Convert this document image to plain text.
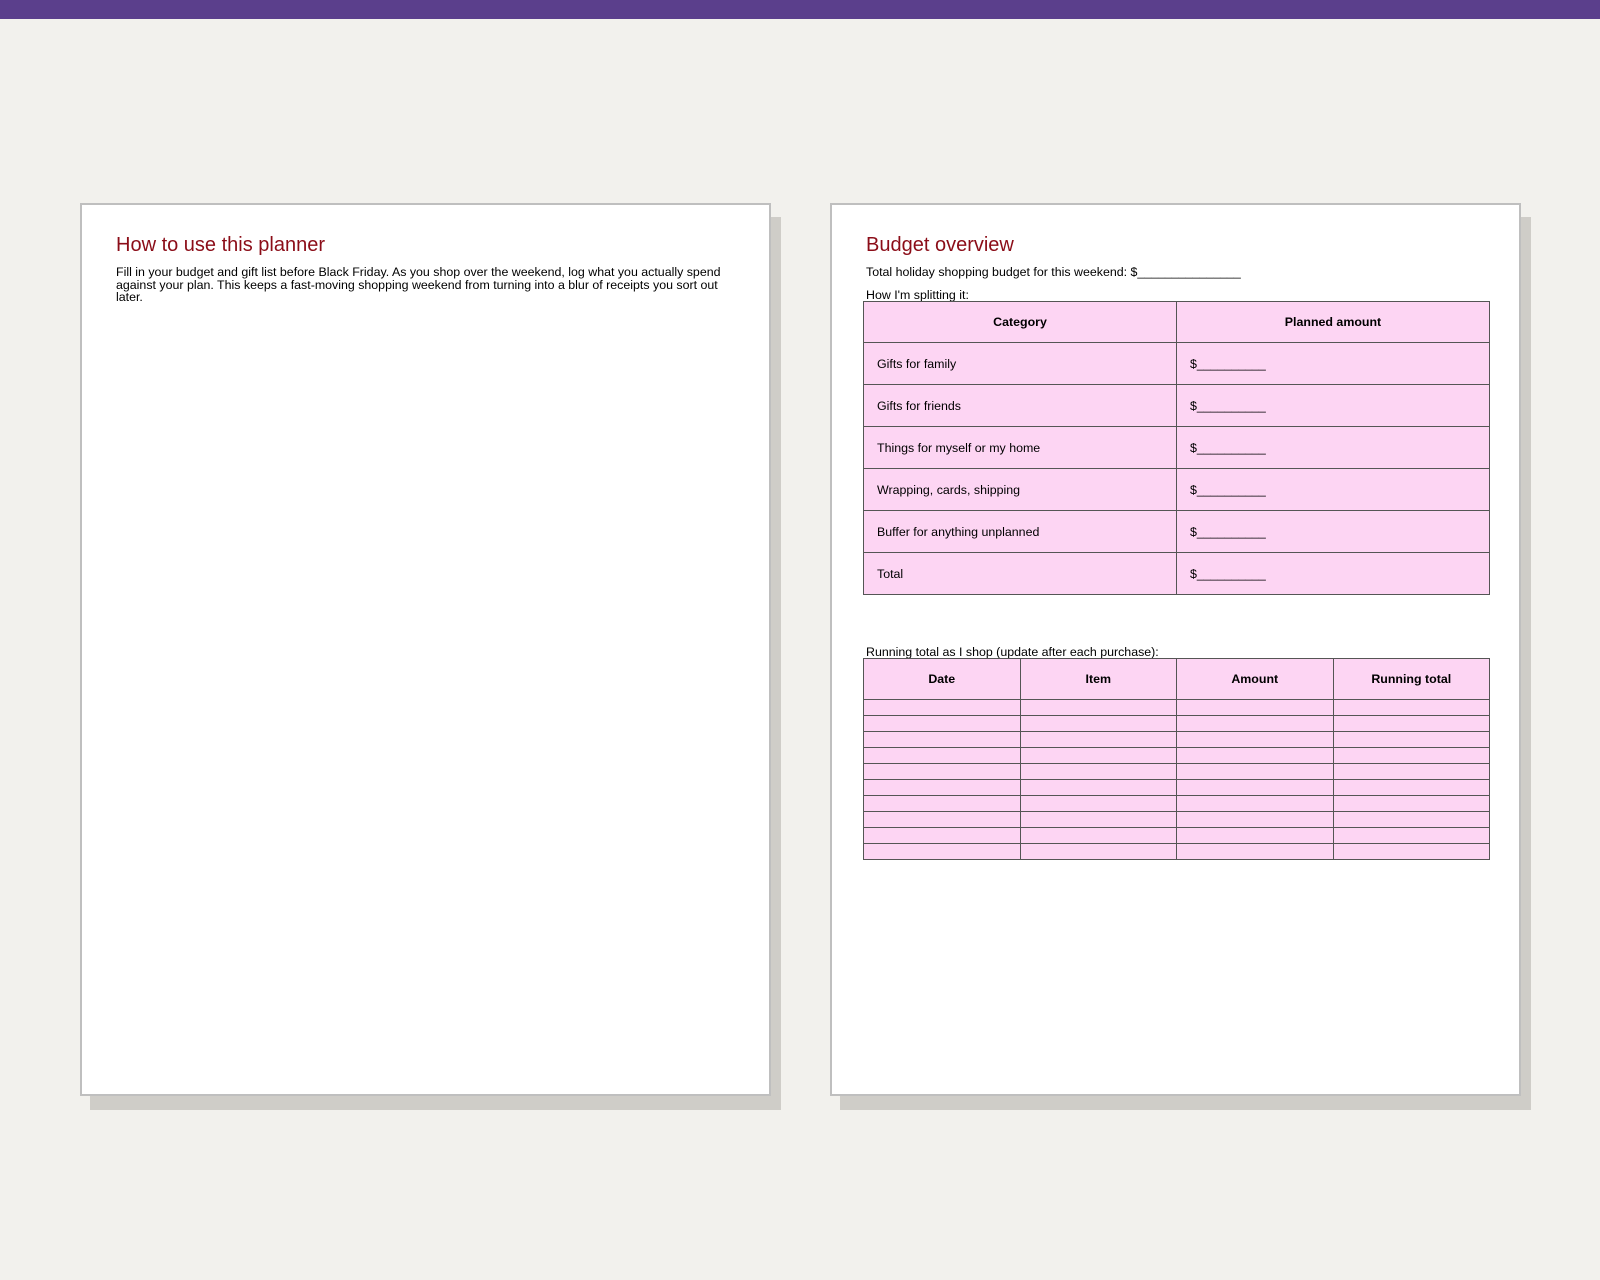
How to use this planner

Fill in your budget and gift list before Black Friday. As you shop over the weekend, log what you actually spend against your plan. This keeps a fast-moving shopping weekend from turning into a blur of receipts you sort out later.

Budget overview

Total holiday shopping budget for this weekend: $_______________

How I'm splitting it:

Category	Planned amount
Gifts for family	$__________
Gifts for friends	$__________
Things for myself or my home	$__________
Wrapping, cards, shipping	$__________
Buffer for anything unplanned	$__________
Total	$__________

Running total as I shop (update after each purchase):

Date	Item	Amount	Running total
